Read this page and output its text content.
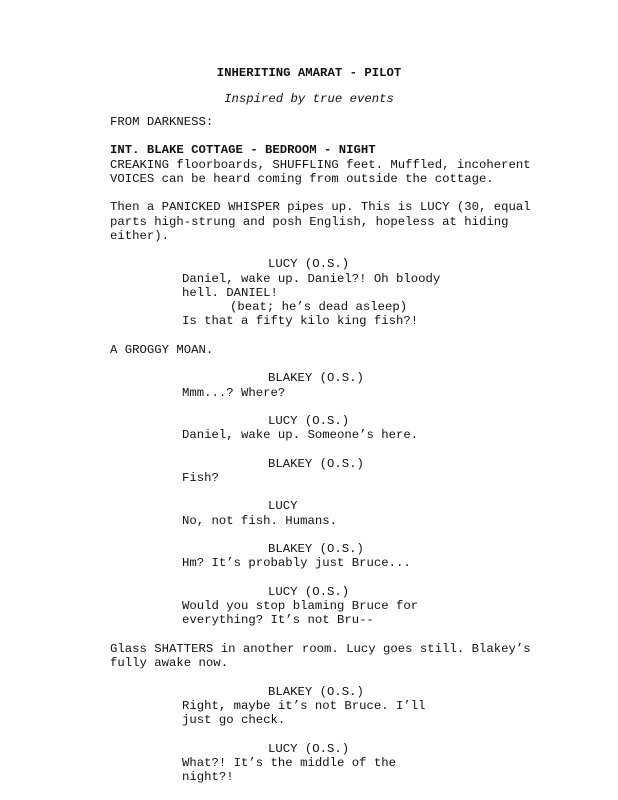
INHERITING AMARAT - PILOT

Inspired by true events

FROM DARKNESS:

INT. BLAKE COTTAGE - BEDROOM - NIGHT

CREAKING floorboards, SHUFFLING feet. Muffled, incoherent

VOICES can be heard coming from outside the cottage.

Then a PANICKED WHISPER pipes up. This is LUCY (30, equal

parts high-strung and posh English, hopeless at hiding

either).

LUCY (O.S.)

Daniel, wake up. Daniel?! Oh bloody

hell. DANIEL!

(beat; he’s dead asleep)

Is that a fifty kilo king fish?!

A GROGGY MOAN.

BLAKEY (O.S.)

Mmm...? Where?

LUCY (O.S.)

Daniel, wake up. Someone’s here.

BLAKEY (O.S.)

Fish?

LUCY

No, not fish. Humans.

BLAKEY (O.S.)

Hm? It’s probably just Bruce...

LUCY (O.S.)

Would you stop blaming Bruce for

everything? It’s not Bru--

Glass SHATTERS in another room. Lucy goes still. Blakey’s

fully awake now.

BLAKEY (O.S.)

Right, maybe it’s not Bruce. I’ll

just go check.

LUCY (O.S.)

What?! It’s the middle of the

night?!
